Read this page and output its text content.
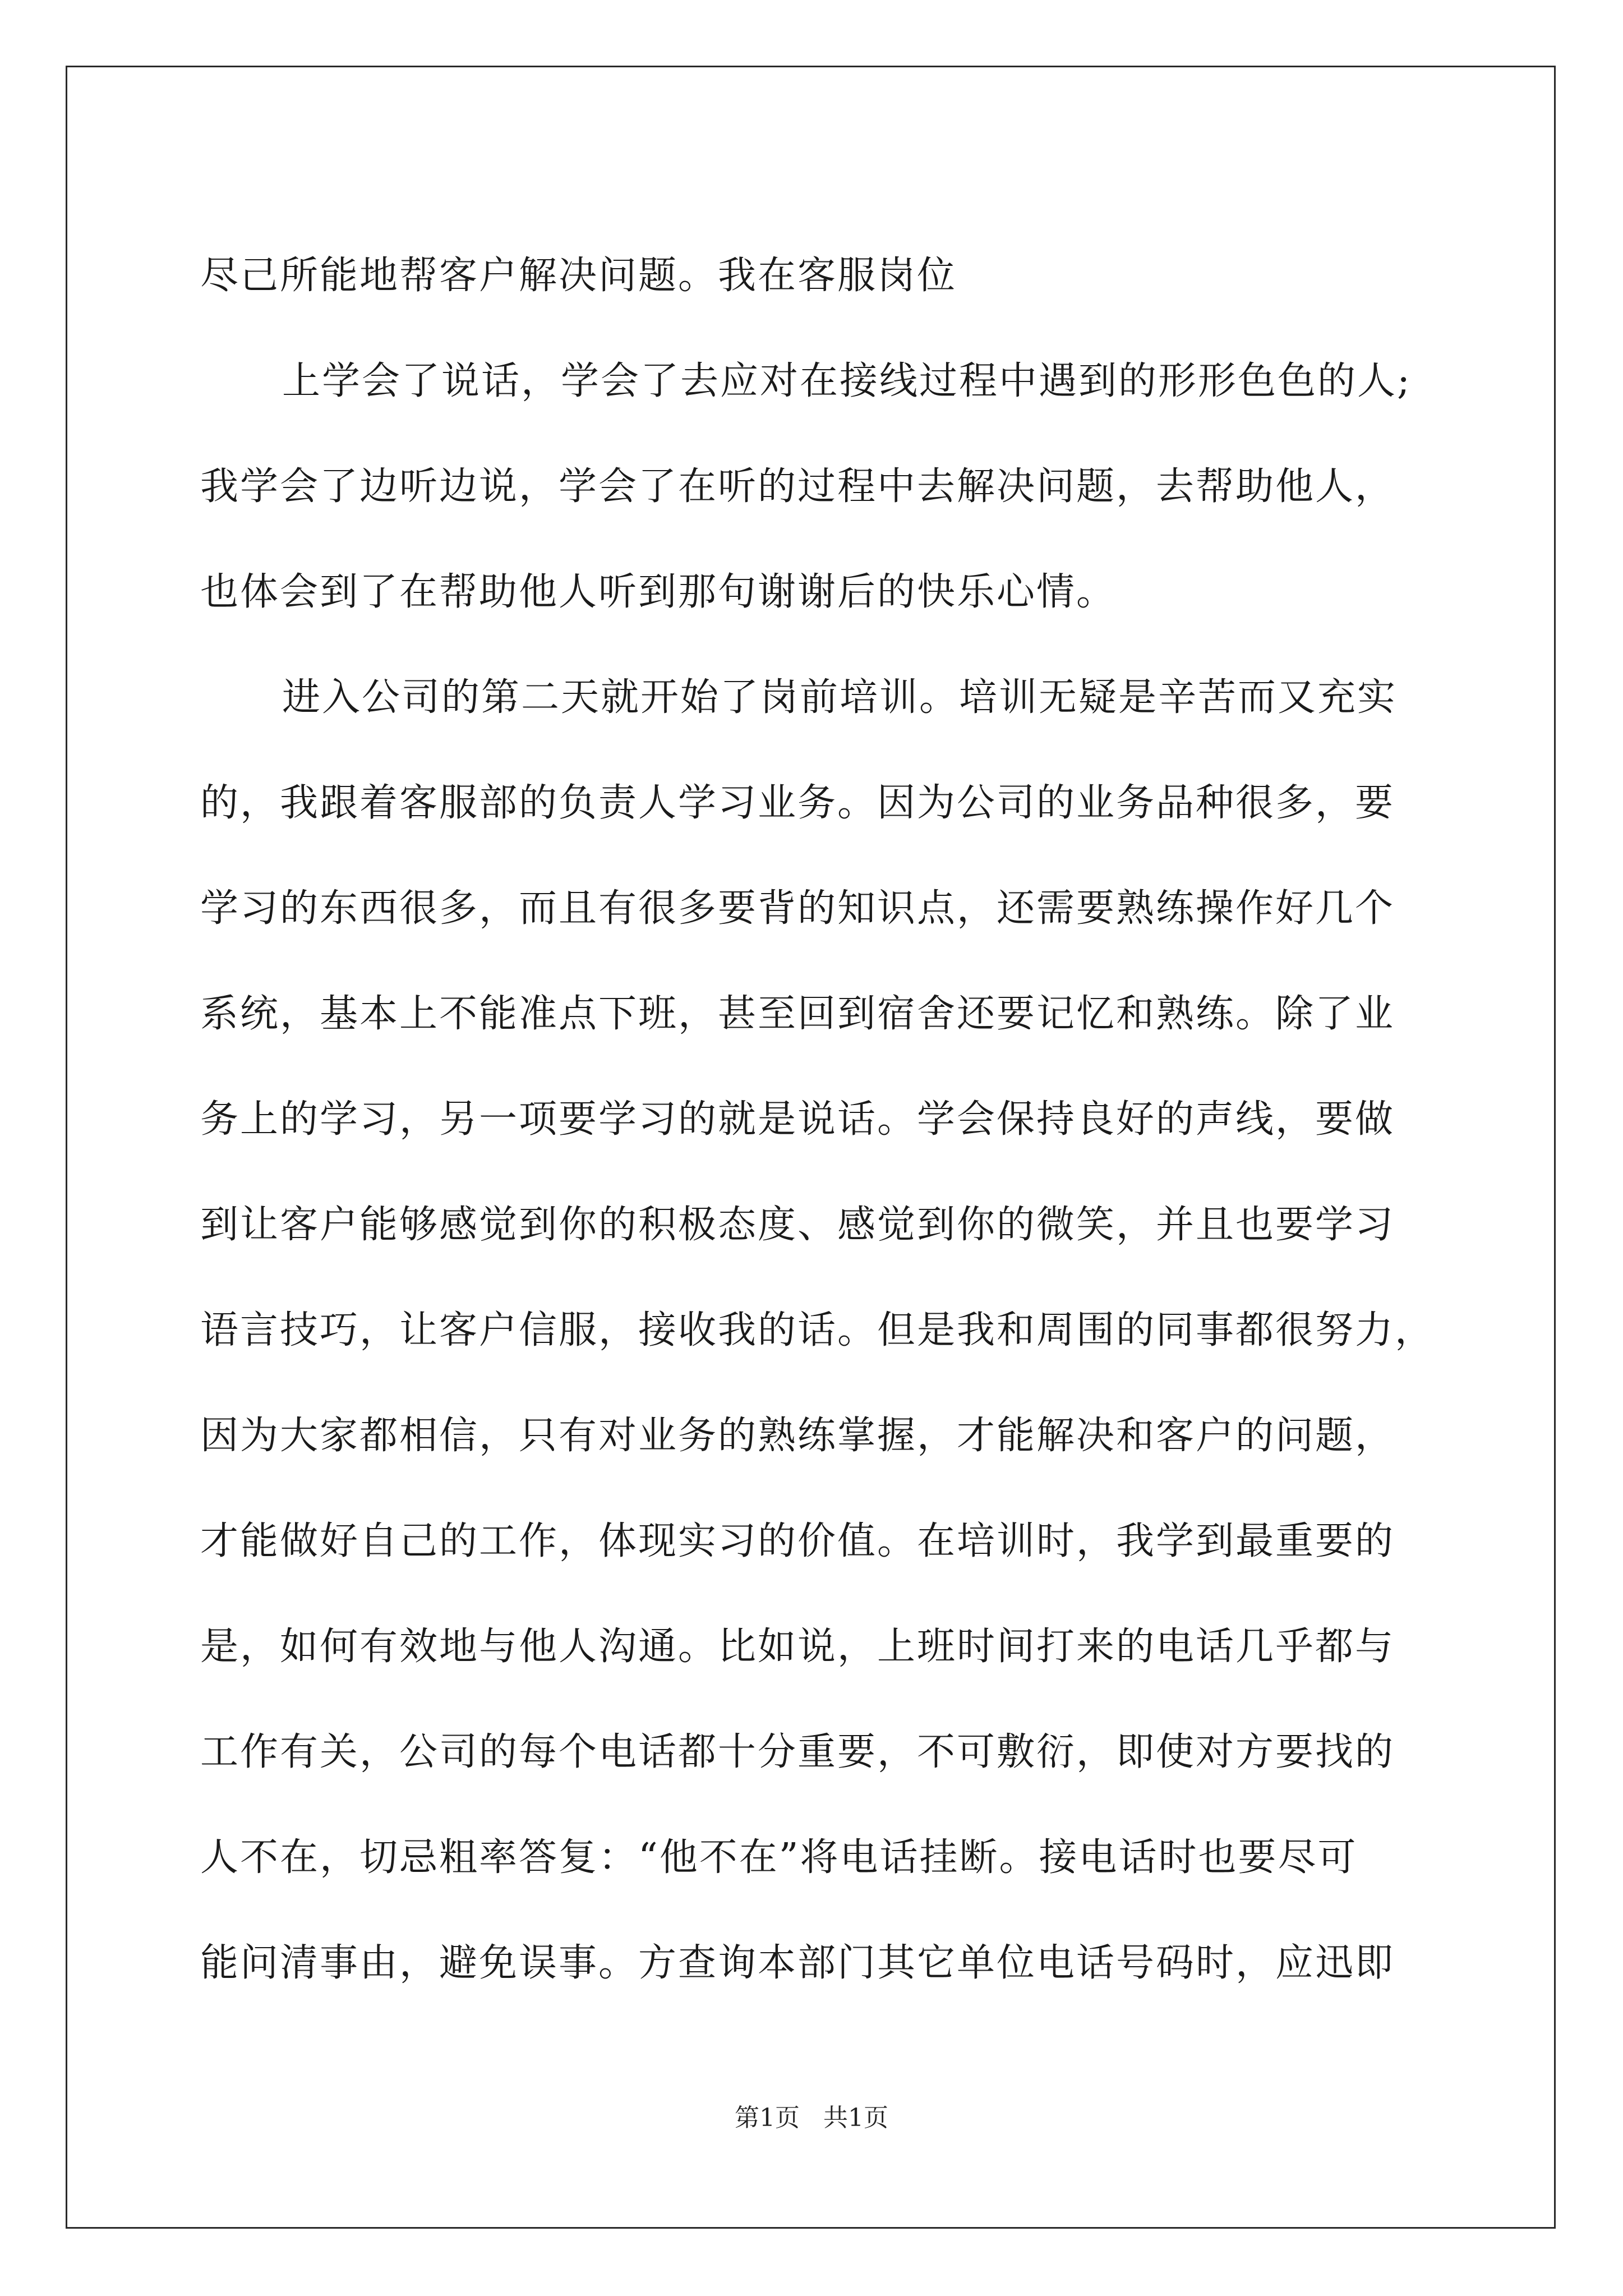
尽己所能地帮客户解决问题。我在客服岗位
上学会了说话，学会了去应对在接线过程中遇到的形形色色的人;
我学会了边听边说，学会了在听的过程中去解决问题，去帮助他人，
也体会到了在帮助他人听到那句谢谢后的快乐心情。
进入公司的第二天就开始了岗前培训。培训无疑是辛苦而又充实
的，我跟着客服部的负责人学习业务。因为公司的业务品种很多，要
学习的东西很多，而且有很多要背的知识点，还需要熟练操作好几个
系统，基本上不能准点下班，甚至回到宿舍还要记忆和熟练。除了业
务上的学习，另一项要学习的就是说话。学会保持良好的声线，要做
到让客户能够感觉到你的积极态度、感觉到你的微笑，并且也要学习
语言技巧，让客户信服，接收我的话。但是我和周围的同事都很努力，
因为大家都相信，只有对业务的熟练掌握，才能解决和客户的问题，
才能做好自己的工作，体现实习的价值。在培训时，我学到最重要的
是，如何有效地与他人沟通。比如说，上班时间打来的电话几乎都与
工作有关，公司的每个电话都十分重要，不可敷衍，即使对方要找的
人不在，切忌粗率答复：“他不在”将电话挂断。接电话时也要尽可
能问清事由，避免误事。方查询本部门其它单位电话号码时，应迅即
第1页   共1页
